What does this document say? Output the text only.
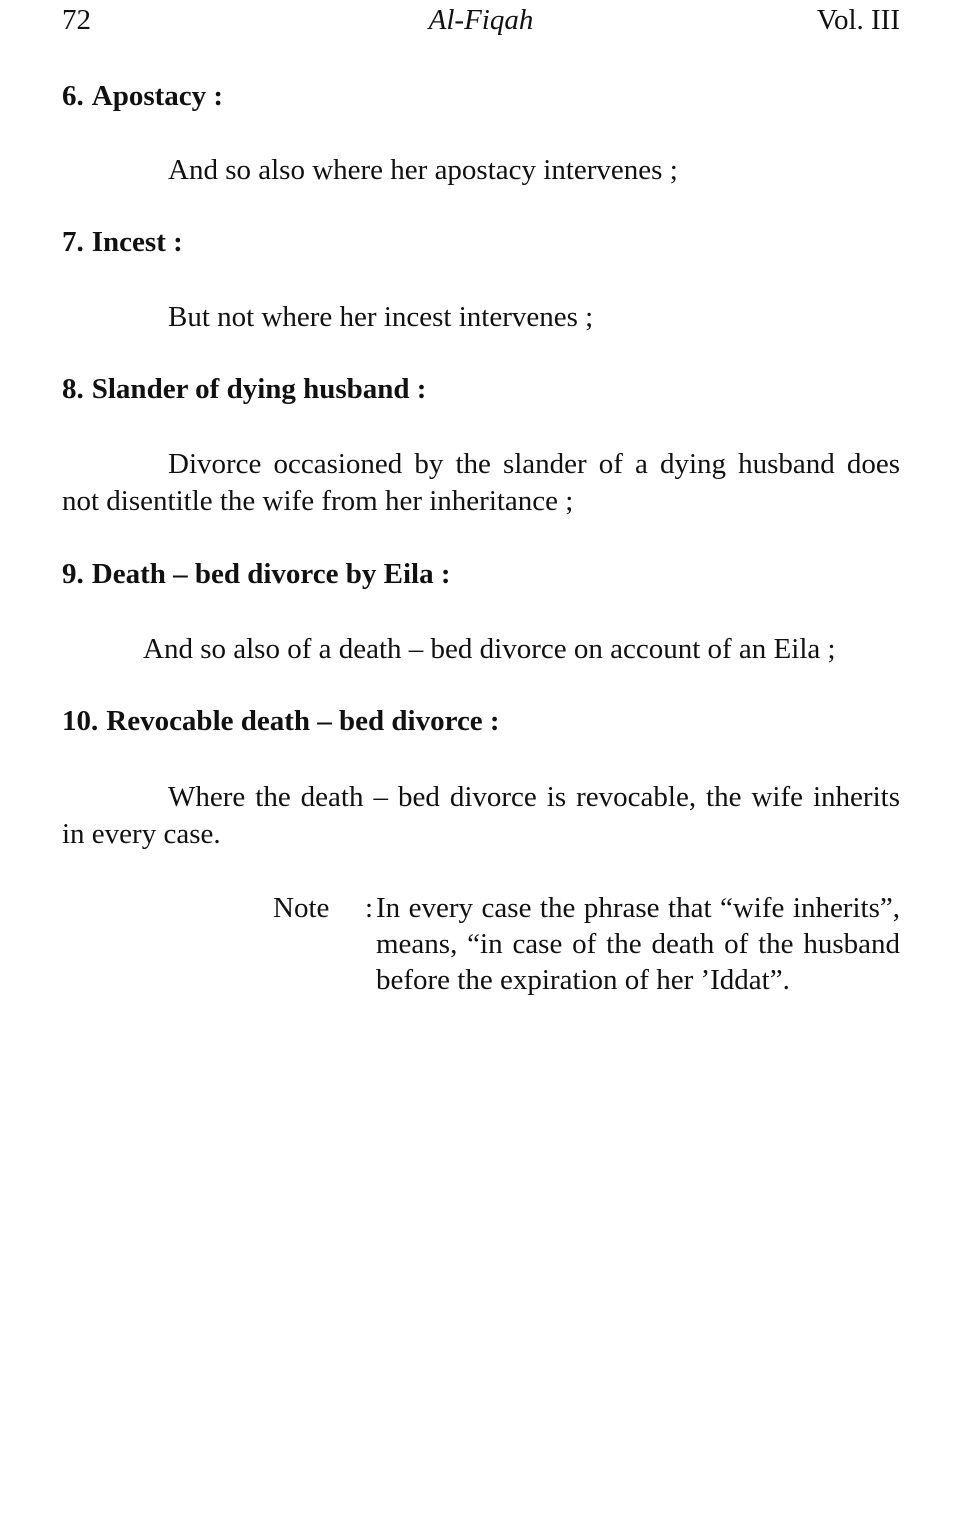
72	Al-Fiqah	Vol. III
6. Apostacy :
And so also where her apostacy intervenes ;
7. Incest :
But not where her incest intervenes ;
8. Slander of dying husband :
Divorce occasioned by the slander of a dying husband does not disentitle the wife from her inheritance ;
9. Death – bed divorce by Eila :
And so also of a death – bed divorce on account of an Eila ;
10. Revocable death – bed divorce :
Where the death – bed divorce is revocable, the wife inherits in every case.
Note : In every case the phrase that “wife inherits”, means, “in case of the death of the husband before the expiration of her ’Iddat”.
